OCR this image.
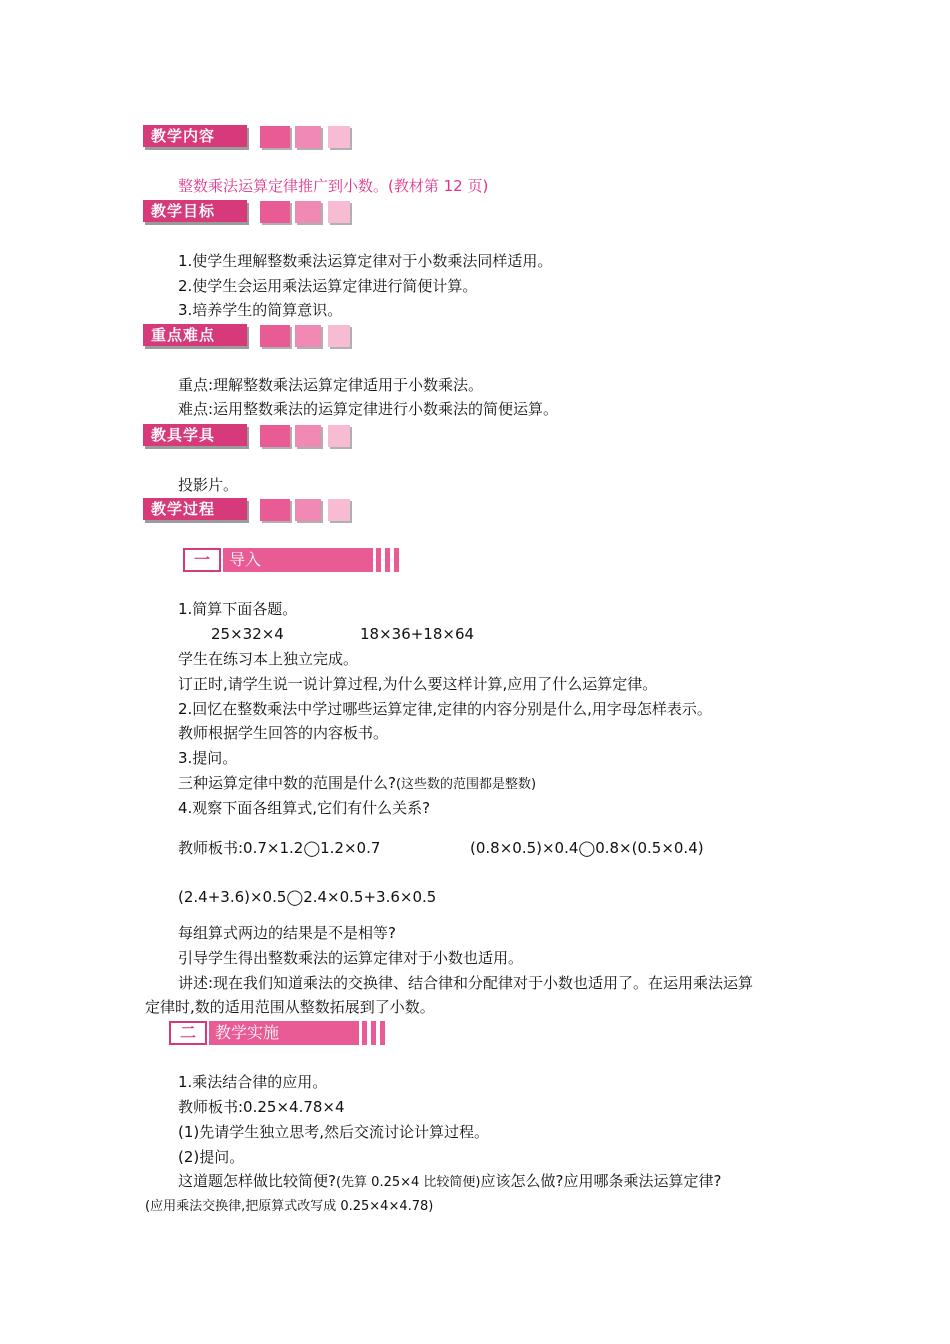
教学内容
整数乘法运算定律推广到小数。(教材第 12 页)
教学目标
1.使学生理解整数乘法运算定律对于小数乘法同样适用。
2.使学生会运用乘法运算定律进行简便计算。
3.培养学生的简算意识。
重点难点
重点:理解整数乘法运算定律适用于小数乘法。
难点:运用整数乘法的运算定律进行小数乘法的简便运算。
教具学具
投影片。
教学过程
一	导入
1.简算下面各题。
25×32×4	18×36+18×64
学生在练习本上独立完成。
订正时,请学生说一说计算过程,为什么要这样计算,应用了什么运算定律。
2.回忆在整数乘法中学过哪些运算定律,定律的内容分别是什么,用字母怎样表示。
教师根据学生回答的内容板书。
3.提问。
三种运算定律中数的范围是什么?(这些数的范围都是整数)
4.观察下面各组算式,它们有什么关系?
教师板书:0.7×1.2◯1.2×0.7	(0.8×0.5)×0.4◯0.8×(0.5×0.4)
(2.4+3.6)×0.5◯2.4×0.5+3.6×0.5
每组算式两边的结果是不是相等?
引导学生得出整数乘法的运算定律对于小数也适用。
讲述:现在我们知道乘法的交换律、结合律和分配律对于小数也适用了。在运用乘法运算
定律时,数的适用范围从整数拓展到了小数。
二	教学实施
1.乘法结合律的应用。
教师板书:0.25×4.78×4
(1)先请学生独立思考,然后交流讨论计算过程。
(2)提问。
这道题怎样做比较简便?(先算 0.25×4 比较简便)应该怎么做?应用哪条乘法运算定律?
(应用乘法交换律,把原算式改写成 0.25×4×4.78)
